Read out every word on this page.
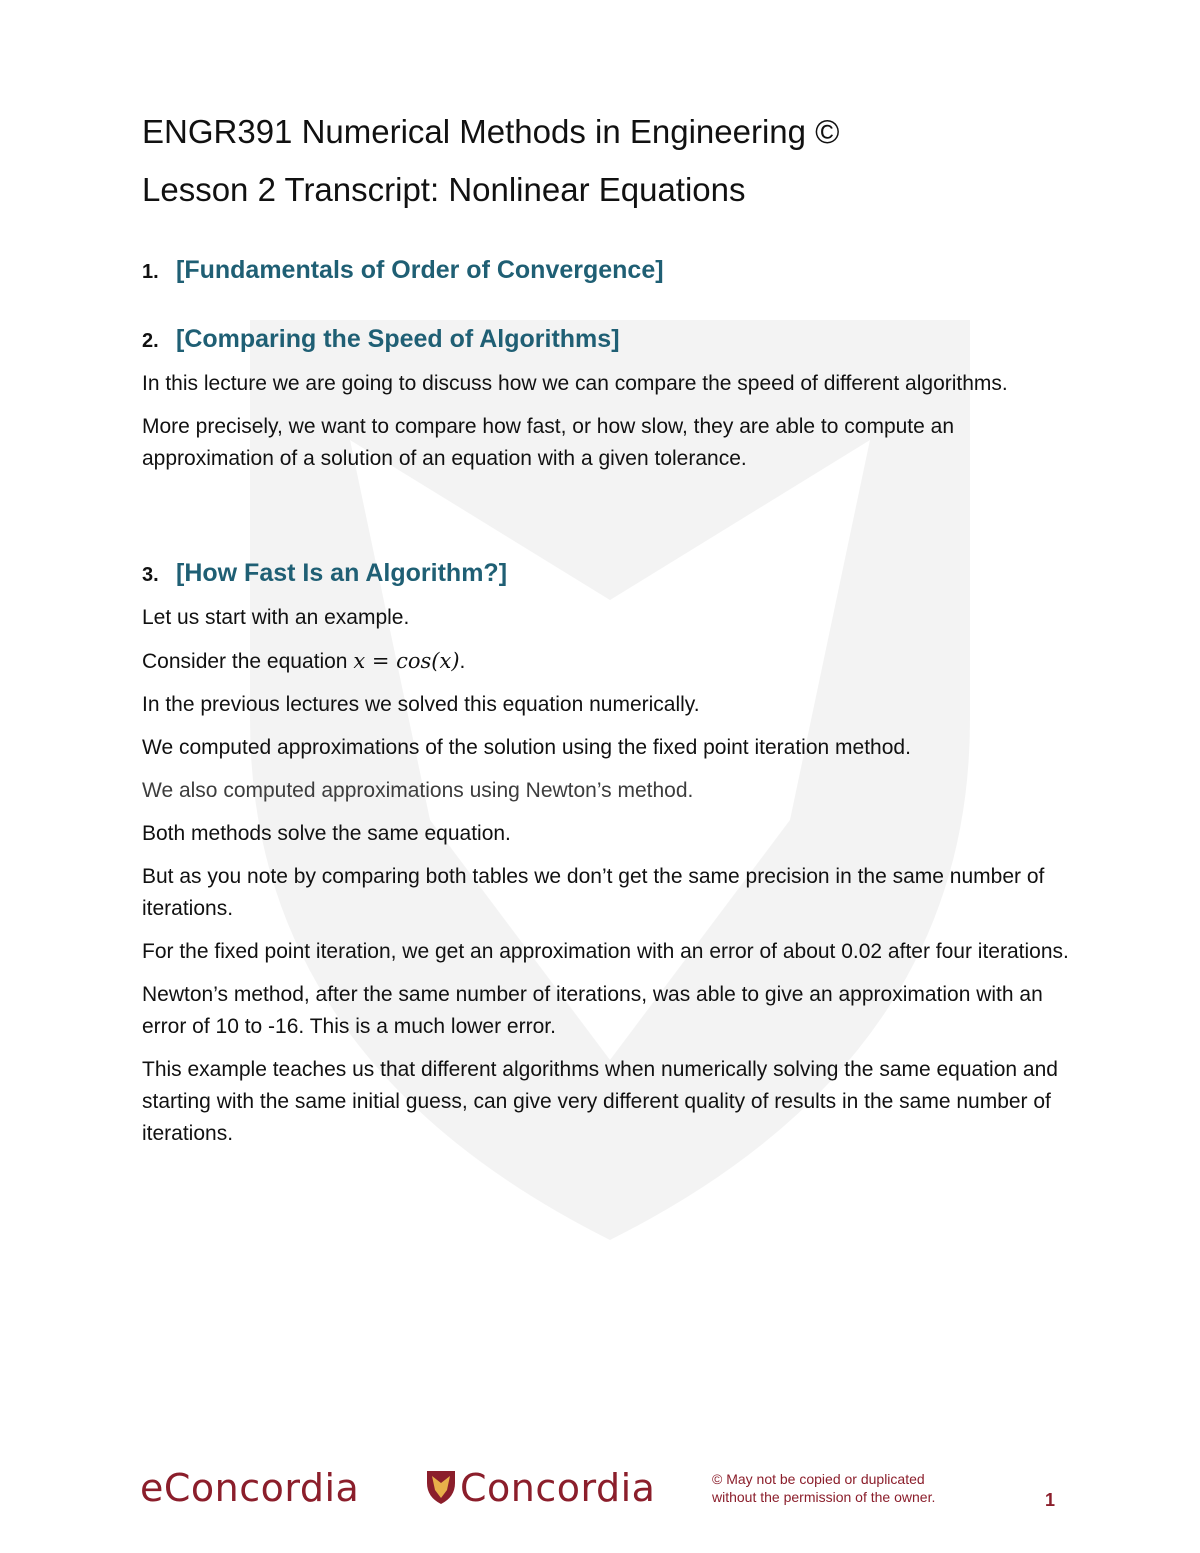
ENGR391 Numerical Methods in Engineering ©
Lesson 2 Transcript: Nonlinear Equations
1. [Fundamentals of Order of Convergence]
2. [Comparing the Speed of Algorithms]

In this lecture we are going to discuss how we can compare the speed of different algorithms.

More precisely, we want to compare how fast, or how slow, they are able to compute an approximation of a solution of an equation with a given tolerance.

3. [How Fast Is an Algorithm?]

Let us start with an example.

Consider the equation x = cos(x).

In the previous lectures we solved this equation numerically.

We computed approximations of the solution using the fixed point iteration method.

We also computed approximations using Newton’s method.

Both methods solve the same equation.

But as you note by comparing both tables we don’t get the same precision in the same number of iterations.

For the fixed point iteration, we get an approximation with an error of about 0.02 after four iterations.

Newton’s method, after the same number of iterations, was able to give an approximation with an error of 10 to -16. This is a much lower error.

This example teaches us that different algorithms when numerically solving the same equation and starting with the same initial guess, can give very different quality of results in the same number of iterations.

eConcordia	Concordia	© May not be copied or duplicated
without the permission of the owner.	1
